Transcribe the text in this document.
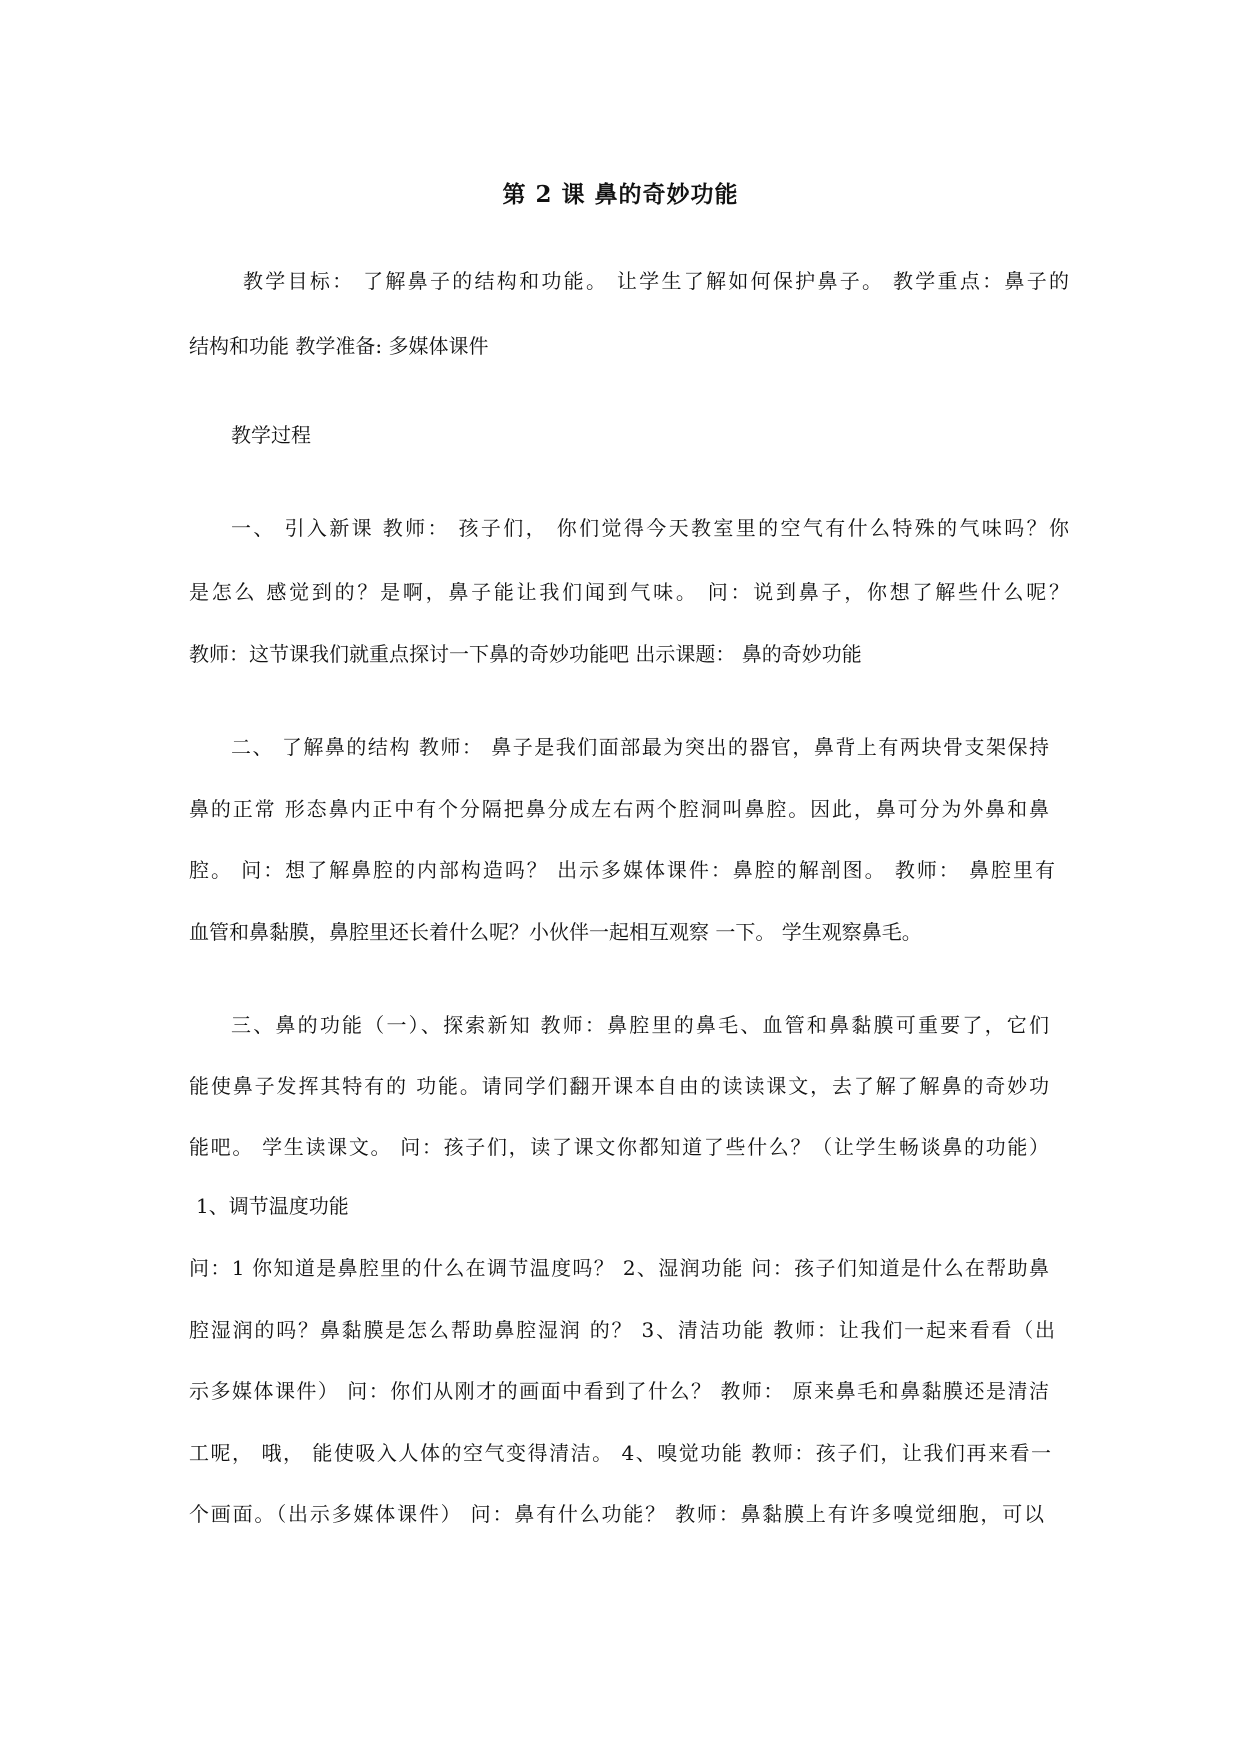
第 2 课 鼻的奇妙功能
教学目标： 了解鼻子的结构和功能。 让学生了解如何保护鼻子。 教学重点：鼻子的
结构和功能 教学准备: 多媒体课件
教学过程
一、 引入新课 教师： 孩子们， 你们觉得今天教室里的空气有什么特殊的气味吗？你
是怎么 感觉到的？是啊，鼻子能让我们闻到气味。 问：说到鼻子，你想了解些什么呢？
教师：这节课我们就重点探讨一下鼻的奇妙功能吧 出示课题： 鼻的奇妙功能
二、 了解鼻的结构 教师： 鼻子是我们面部最为突出的器官，鼻背上有两块骨支架保持
鼻的正常 形态鼻内正中有个分隔把鼻分成左右两个腔洞叫鼻腔。因此，鼻可分为外鼻和鼻
腔。 问：想了解鼻腔的内部构造吗？ 出示多媒体课件：鼻腔的解剖图。 教师： 鼻腔里有
血管和鼻黏膜，鼻腔里还长着什么呢？小伙伴一起相互观察 一下。 学生观察鼻毛。
三、鼻的功能（一）、探索新知 教师：鼻腔里的鼻毛、血管和鼻黏膜可重要了，它们
能使鼻子发挥其特有的 功能。请同学们翻开课本自由的读读课文，去了解了解鼻的奇妙功
能吧。 学生读课文。 问：孩子们，读了课文你都知道了些什么？（让学生畅谈鼻的功能）
1、调节温度功能
问：1 你知道是鼻腔里的什么在调节温度吗？ 2、湿润功能 问：孩子们知道是什么在帮助鼻
腔湿润的吗？鼻黏膜是怎么帮助鼻腔湿润 的？ 3、清洁功能 教师：让我们一起来看看（出
示多媒体课件） 问：你们从刚才的画面中看到了什么？ 教师： 原来鼻毛和鼻黏膜还是清洁
工呢， 哦， 能使吸入人体的空气变得清洁。 4、嗅觉功能 教师：孩子们，让我们再来看一
个画面。（出示多媒体课件） 问：鼻有什么功能？ 教师：鼻黏膜上有许多嗅觉细胞，可以
